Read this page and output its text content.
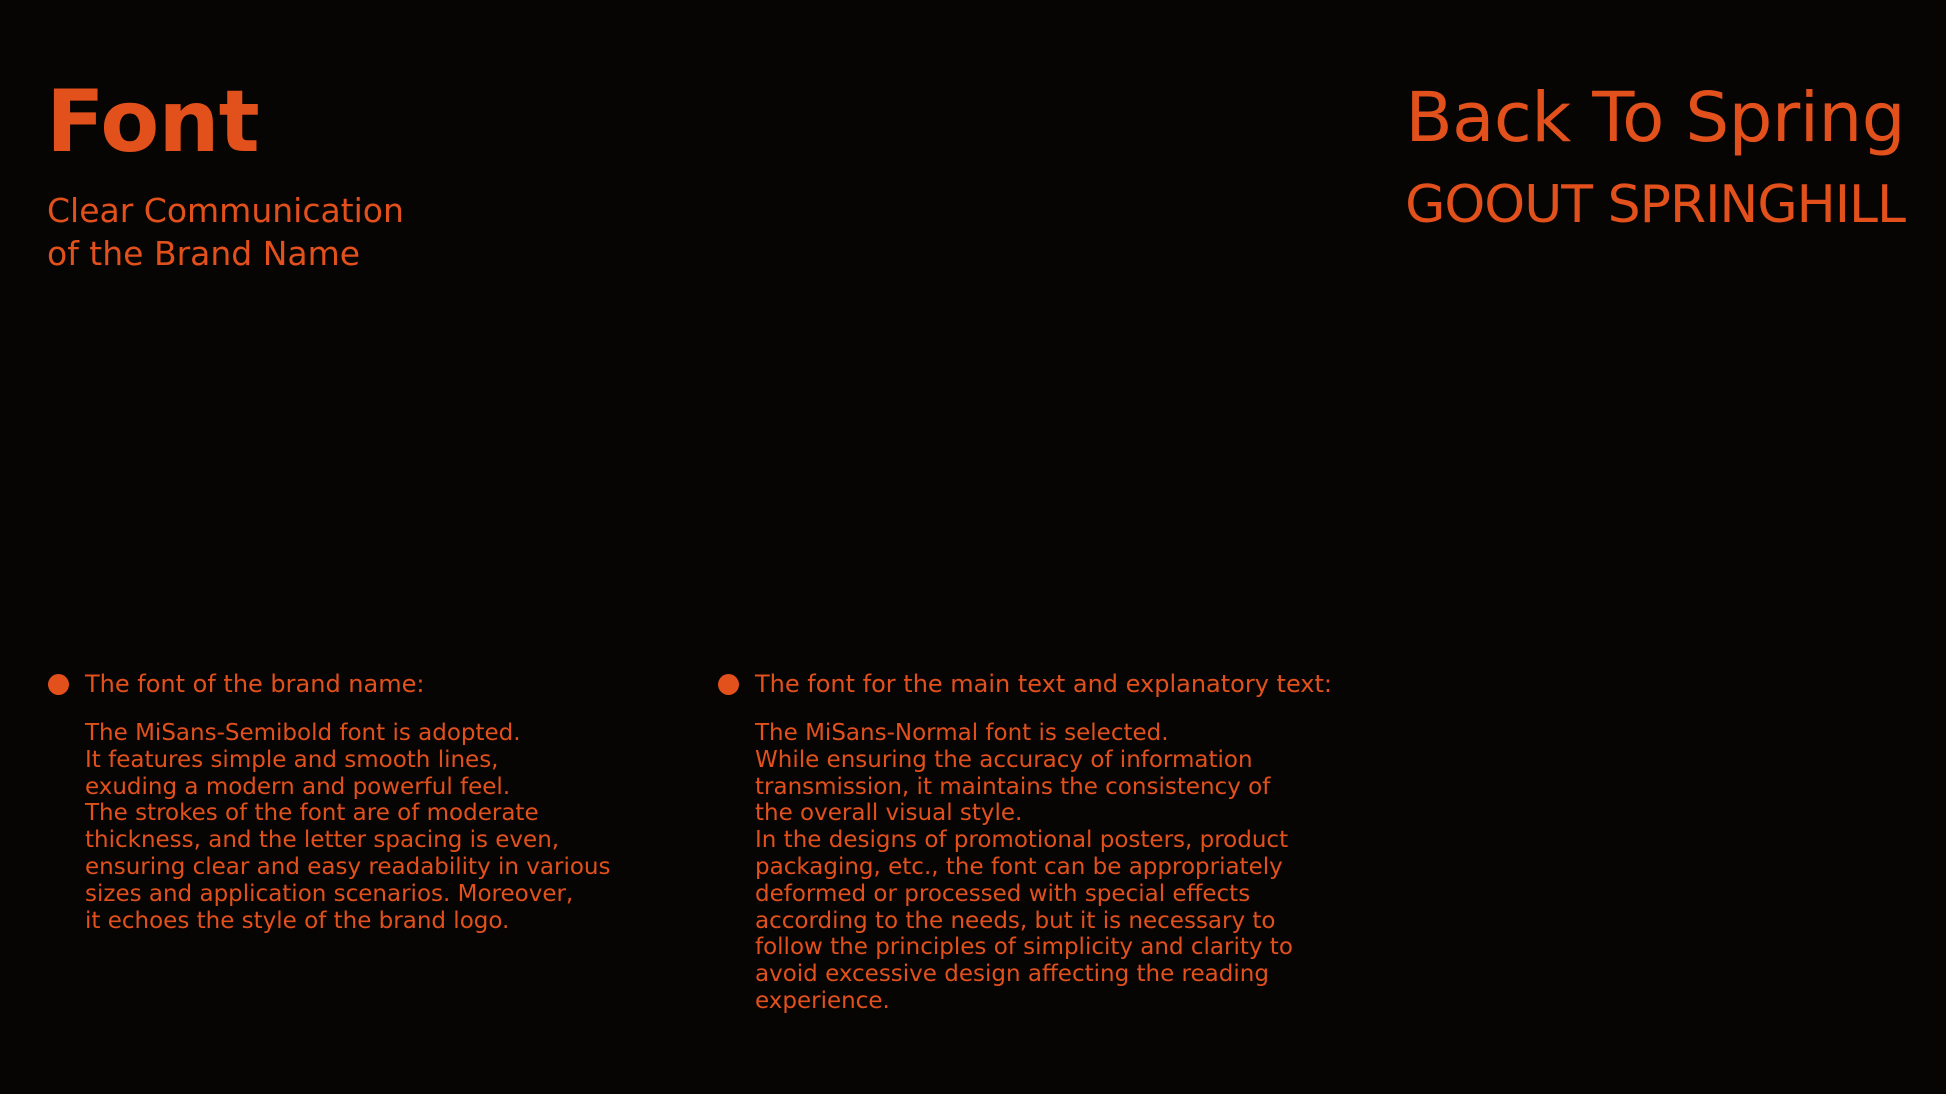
Font
Clear Communication
of the Brand Name
Back To Spring
GOOUT SPRINGHILL
The font of the brand name:
The MiSans-Semibold font is adopted.
It features simple and smooth lines,
exuding a modern and powerful feel.
The strokes of the font are of moderate
thickness, and the letter spacing is even,
ensuring clear and easy readability in various
sizes and application scenarios. Moreover,
it echoes the style of the brand logo.
The font for the main text and explanatory text:
The MiSans-Normal font is selected.
While ensuring the accuracy of information
transmission, it maintains the consistency of
the overall visual style.
In the designs of promotional posters, product
packaging, etc., the font can be appropriately
deformed or processed with special effects
according to the needs, but it is necessary to
follow the principles of simplicity and clarity to
avoid excessive design affecting the reading
experience.
